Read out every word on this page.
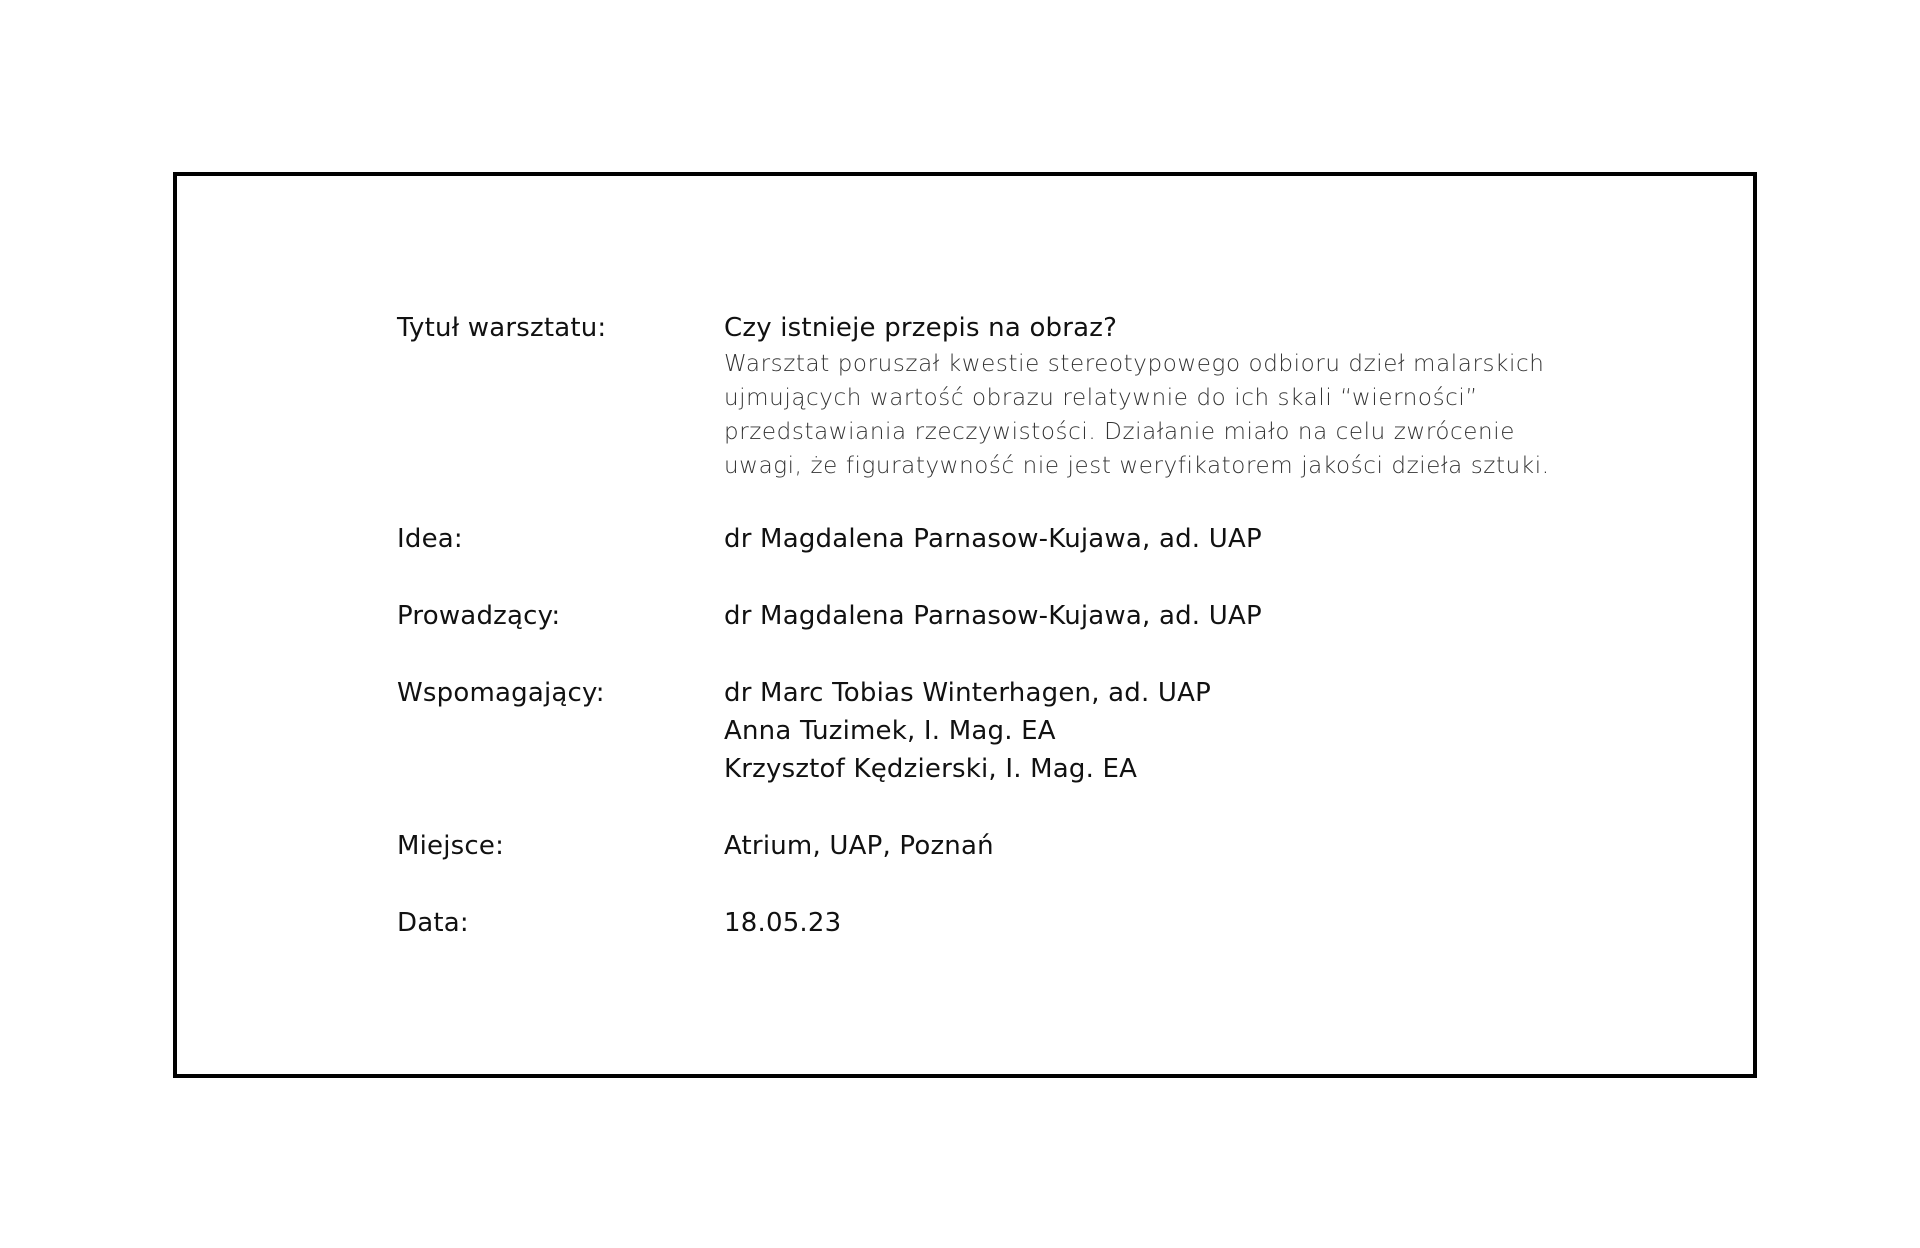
Tytuł warsztatu:	Czy istnieje przepis na obraz?
Warsztat poruszał kwestie stereotypowego odbioru dzieł malarskich ujmujących wartość obrazu relatywnie do ich skali “wierności” przedstawiania rzeczywistości. Działanie miało na celu zwrócenie uwagi, że figuratywność nie jest weryfikatorem jakości dzieła sztuki.
Idea:	dr Magdalena Parnasow-Kujawa, ad. UAP
Prowadzący:	dr Magdalena Parnasow-Kujawa, ad. UAP
Wspomagający:	dr Marc Tobias Winterhagen, ad. UAP
Anna Tuzimek, I. Mag. EA
Krzysztof Kędzierski, I. Mag. EA
Miejsce:	Atrium, UAP, Poznań
Data:	18.05.23
